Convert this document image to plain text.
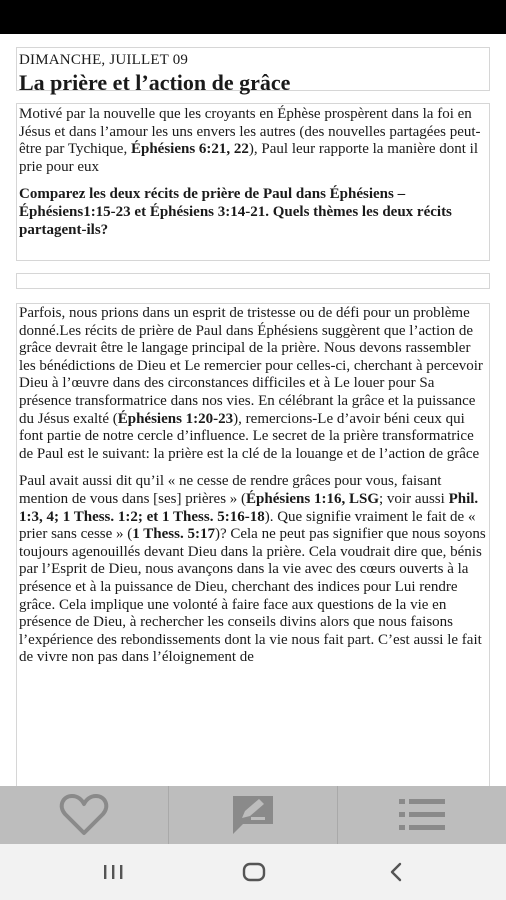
DIMANCHE, JUILLET 09
La prière et l’action de grâce

Motivé par la nouvelle que les croyants en Éphèse prospèrent dans la foi en Jésus et dans l’amour les uns envers les autres (des nouvelles partagées peut-être par Tychique, Éphésiens 6:21, 22), Paul leur rapporte la manière dont il prie pour eux

Comparez les deux récits de prière de Paul dans Éphésiens – Éphésiens1:15-23 et Éphésiens 3:14-21. Quels thèmes les deux récits partagent-ils?

Parfois, nous prions dans un esprit de tristesse ou de défi pour un problème donné.Les récits de prière de Paul dans Éphésiens suggèrent que l’action de grâce devrait être le langage principal de la prière. Nous devons rassembler les bénédictions de Dieu et Le remercier pour celles-ci, cherchant à percevoir Dieu à l’œuvre dans des circonstances difficiles et à Le louer pour Sa présence transformatrice dans nos vies. En célébrant la grâce et la puissance du Jésus exalté (Éphésiens 1:20-23), remercions-Le d’avoir béni ceux qui font partie de notre cercle d’influence. Le secret de la prière transformatrice de Paul est le suivant: la prière est la clé de la louange et de l’action de grâce

Paul avait aussi dit qu’il « ne cesse de rendre grâces pour vous, faisant mention de vous dans [ses] prières » (Éphésiens 1:16, LSG; voir aussi Phil. 1:3, 4; 1 Thess. 1:2; et 1 Thess. 5:16-18). Que signifie vraiment le fait de « prier sans cesse » (1 Thess. 5:17)? Cela ne peut pas signifier que nous soyons toujours agenouillés devant Dieu dans la prière. Cela voudrait dire que, bénis par l’Esprit de Dieu, nous avançons dans la vie avec des cœurs ouverts à la présence et à la puissance de Dieu, cherchant des indices pour Lui rendre grâce. Cela implique une volonté à faire face aux questions de la vie en présence de Dieu, à rechercher les conseils divins alors que nous faisons l’expérience des rebondissements dont la vie nous fait part. C’est aussi le fait de vivre non pas dans l’éloignement de
